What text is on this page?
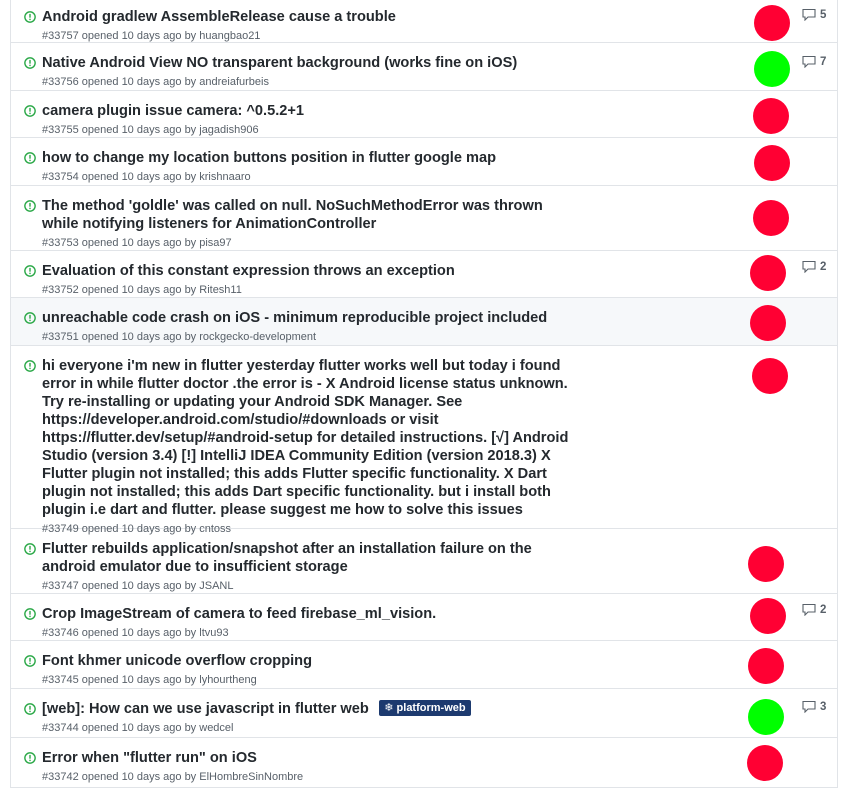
Android gradlew AssembleRelease cause a trouble
#33757 opened 10 days ago by huangbao21
5
Native Android View NO transparent background (works fine on iOS)
#33756 opened 10 days ago by andreiafurbeis
7
camera plugin issue camera: ^0.5.2+1
#33755 opened 10 days ago by jagadish906
how to change my location buttons position in flutter google map
#33754 opened 10 days ago by krishnaaro
The method 'goldle' was called on null. NoSuchMethodError was thrown while notifying listeners for AnimationController
#33753 opened 10 days ago by pisa97
Evaluation of this constant expression throws an exception
#33752 opened 10 days ago by Ritesh11
2
unreachable code crash on iOS - minimum reproducible project included
#33751 opened 10 days ago by rockgecko-development
hi everyone i'm new in flutter yesterday flutter works well but today i found error in while flutter doctor .the error is - X Android license status unknown. Try re-installing or updating your Android SDK Manager. See https://developer.android.com/studio/#downloads or visit https://flutter.dev/setup/#android-setup for detailed instructions. [√] Android Studio (version 3.4) [!] IntelliJ IDEA Community Edition (version 2018.3) X Flutter plugin not installed; this adds Flutter specific functionality. X Dart plugin not installed; this adds Dart specific functionality. but i install both plugin i.e dart and flutter. please suggest me how to solve this issues
#33749 opened 10 days ago by cntoss
Flutter rebuilds application/snapshot after an installation failure on the android emulator due to insufficient storage
#33747 opened 10 days ago by JSANL
Crop ImageStream of camera to feed firebase_ml_vision.
#33746 opened 10 days ago by ltvu93
2
Font khmer unicode overflow cropping
#33745 opened 10 days ago by lyhourtheng
[web]: How can we use javascript in flutter web ❄ platform-web
#33744 opened 10 days ago by wedcel
3
Error when "flutter run" on iOS
#33742 opened 10 days ago by ElHombreSinNombre
